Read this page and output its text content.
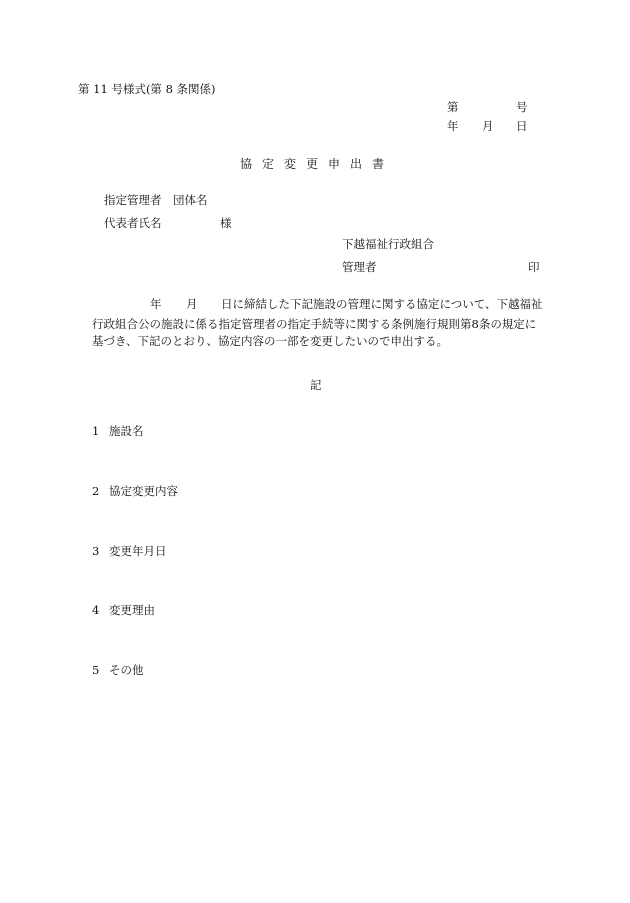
第 11 号様式(第 8 条関係)
第	号
年 月 日
協定変更申出書
指定管理者　団体名
代表者氏名	様
下越福祉行政組合
管理者	印
年 月 日に締結した下記施設の管理に関する協定について、下越福祉
行政組合公の施設に係る指定管理者の指定手続等に関する条例施行規則第8条の規定に
基づき、下記のとおり、協定内容の一部を変更したいので申出する。
記
1 施設名
2 協定変更内容
3 変更年月日
4 変更理由
5 その他
